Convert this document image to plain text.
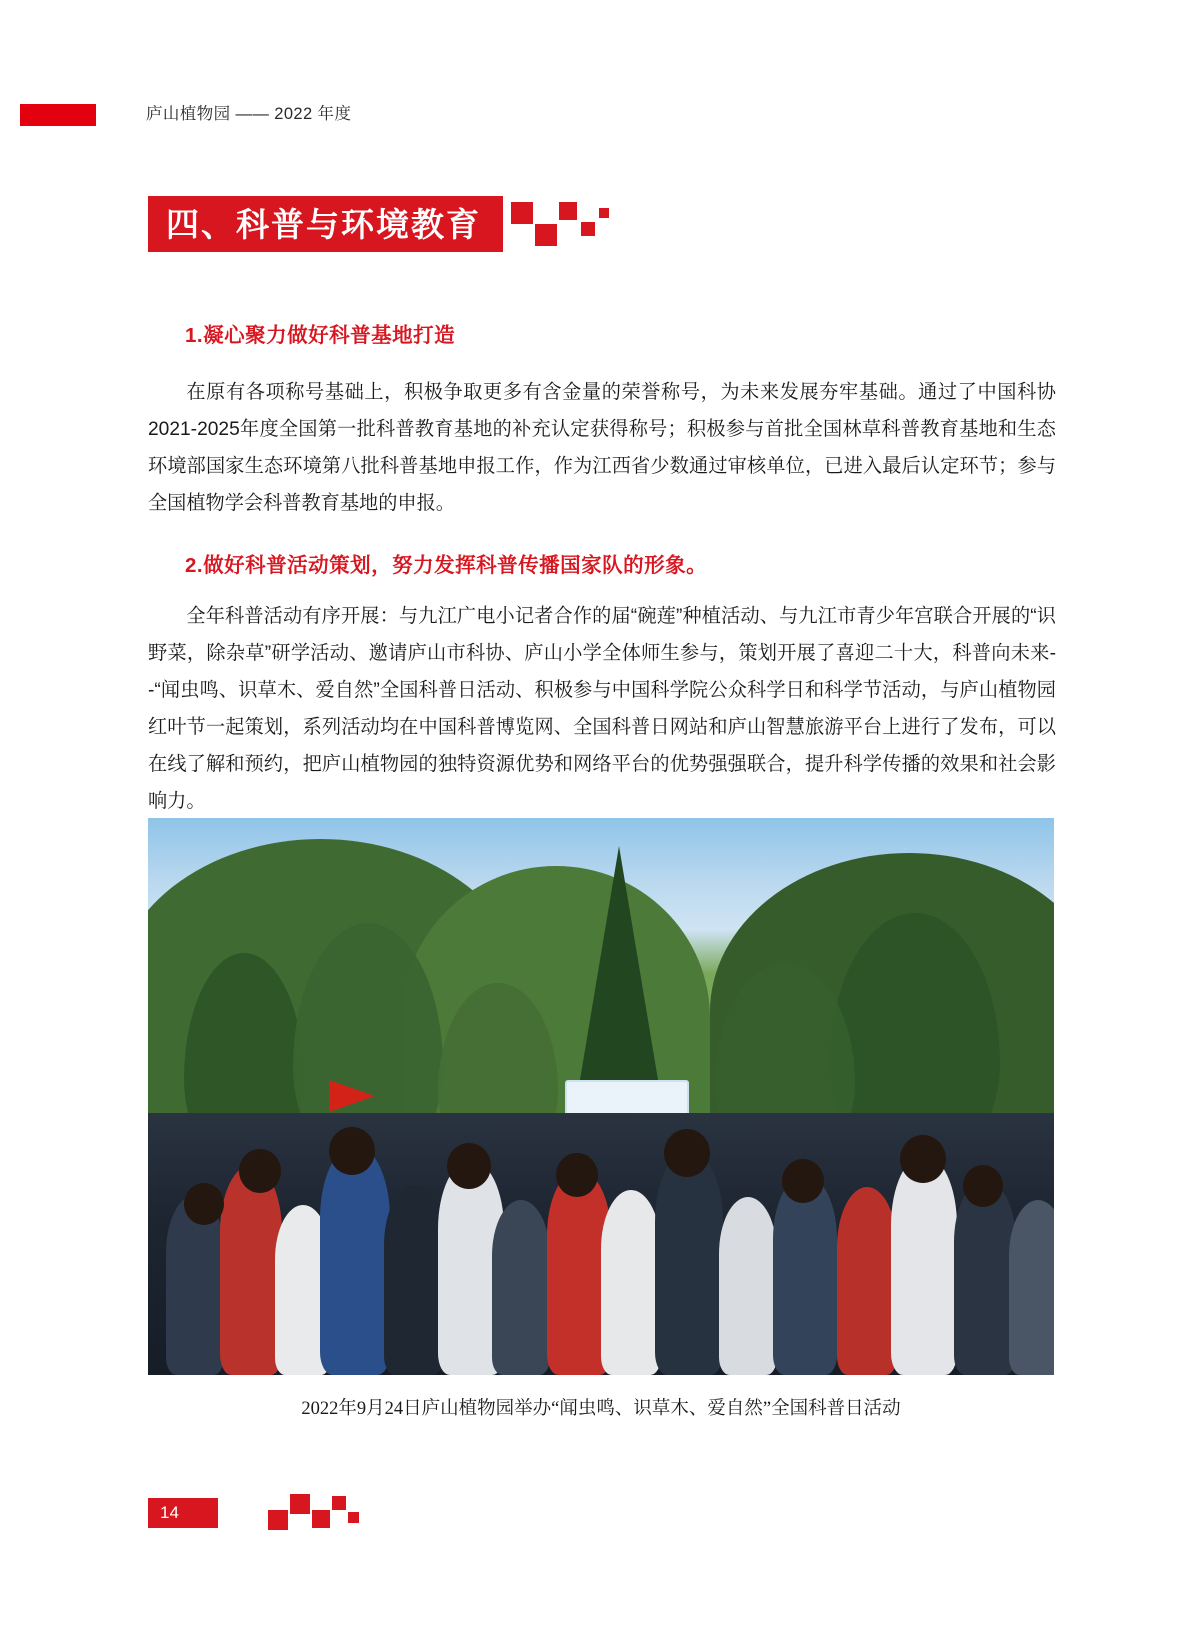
庐山植物园 —— 2022 年度
四、科普与环境教育
1.凝心聚力做好科普基地打造
在原有各项称号基础上，积极争取更多有含金量的荣誉称号，为未来发展夯牢基础。通过了中国科协2021-2025年度全国第一批科普教育基地的补充认定获得称号；积极参与首批全国林草科普教育基地和生态环境部国家生态环境第八批科普基地申报工作，作为江西省少数通过审核单位，已进入最后认定环节；参与全国植物学会科普教育基地的申报。
2.做好科普活动策划，努力发挥科普传播国家队的形象。
全年科普活动有序开展：与九江广电小记者合作的届“碗莲”种植活动、与九江市青少年宫联合开展的“识野菜，除杂草”研学活动、邀请庐山市科协、庐山小学全体师生参与，策划开展了喜迎二十大，科普向未来--“闻虫鸣、识草木、爱自然”全国科普日活动、积极参与中国科学院公众科学日和科学节活动，与庐山植物园红叶节一起策划，系列活动均在中国科普博览网、全国科普日网站和庐山智慧旅游平台上进行了发布，可以在线了解和预约，把庐山植物园的独特资源优势和网络平台的优势强强联合，提升科学传播的效果和社会影响力。
2022年9月24日庐山植物园举办“闻虫鸣、识草木、爱自然”全国科普日活动
14
